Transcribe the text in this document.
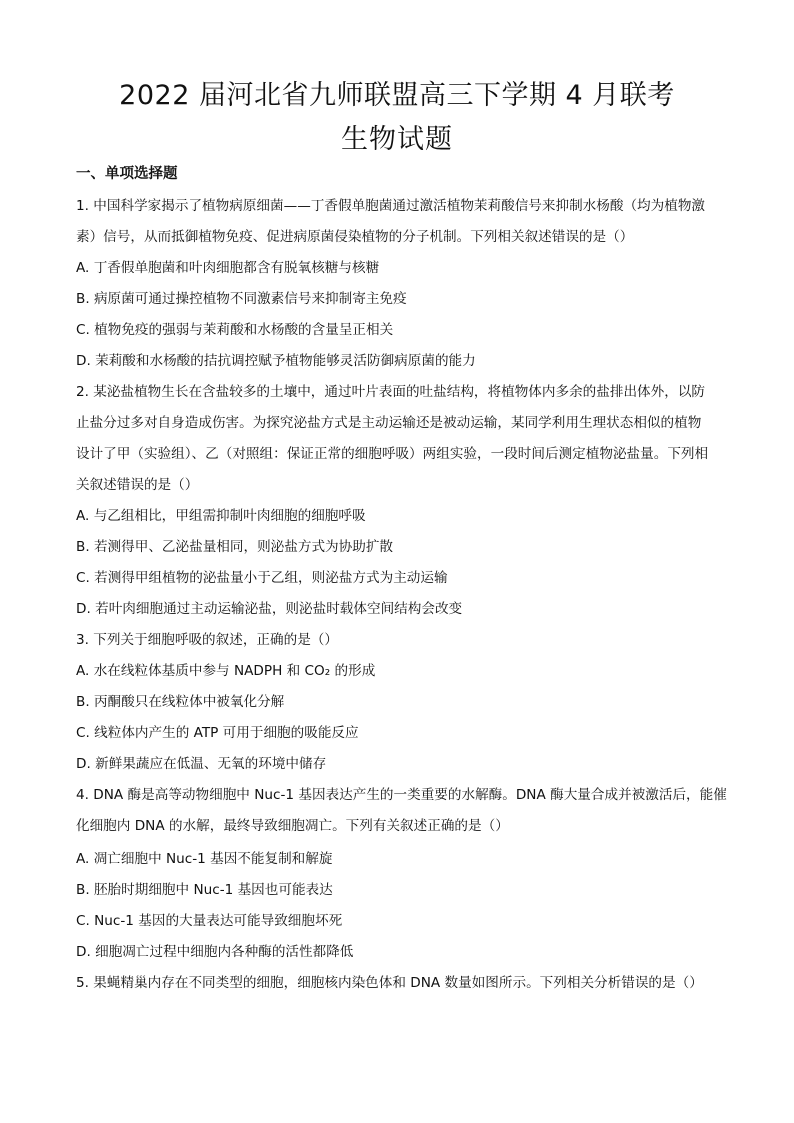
2022 届河北省九师联盟高三下学期 4 月联考
生物试题
一、单项选择题
1. 中国科学家揭示了植物病原细菌——丁香假单胞菌通过激活植物茉莉酸信号来抑制水杨酸（均为植物激
素）信号，从而抵御植物免疫、促进病原菌侵染植物的分子机制。下列相关叙述错误的是（）
A. 丁香假单胞菌和叶肉细胞都含有脱氧核糖与核糖
B. 病原菌可通过操控植物不同激素信号来抑制寄主免疫
C. 植物免疫的强弱与茉莉酸和水杨酸的含量呈正相关
D. 茉莉酸和水杨酸的拮抗调控赋予植物能够灵活防御病原菌的能力
2. 某泌盐植物生长在含盐较多的土壤中，通过叶片表面的吐盐结构，将植物体内多余的盐排出体外，以防
止盐分过多对自身造成伤害。为探究泌盐方式是主动运输还是被动运输，某同学利用生理状态相似的植物
设计了甲（实验组）、乙（对照组：保证正常的细胞呼吸）两组实验，一段时间后测定植物泌盐量。下列相
关叙述错误的是（）
A. 与乙组相比，甲组需抑制叶肉细胞的细胞呼吸
B. 若测得甲、乙泌盐量相同，则泌盐方式为协助扩散
C. 若测得甲组植物的泌盐量小于乙组，则泌盐方式为主动运输
D. 若叶肉细胞通过主动运输泌盐，则泌盐时载体空间结构会改变
3. 下列关于细胞呼吸的叙述，正确的是（）
A. 水在线粒体基质中参与 NADPH 和 CO₂ 的形成
B. 丙酮酸只在线粒体中被氧化分解
C. 线粒体内产生的 ATP 可用于细胞的吸能反应
D. 新鲜果蔬应在低温、无氧的环境中储存
4. DNA 酶是高等动物细胞中 Nuc-1 基因表达产生的一类重要的水解酶。DNA 酶大量合成并被激活后，能催
化细胞内 DNA 的水解，最终导致细胞凋亡。下列有关叙述正确的是（）
A. 凋亡细胞中 Nuc-1 基因不能复制和解旋
B. 胚胎时期细胞中 Nuc-1 基因也可能表达
C. Nuc-1 基因的大量表达可能导致细胞坏死
D. 细胞凋亡过程中细胞内各种酶的活性都降低
5. 果蝇精巢内存在不同类型的细胞，细胞核内染色体和 DNA 数量如图所示。下列相关分析错误的是（）
